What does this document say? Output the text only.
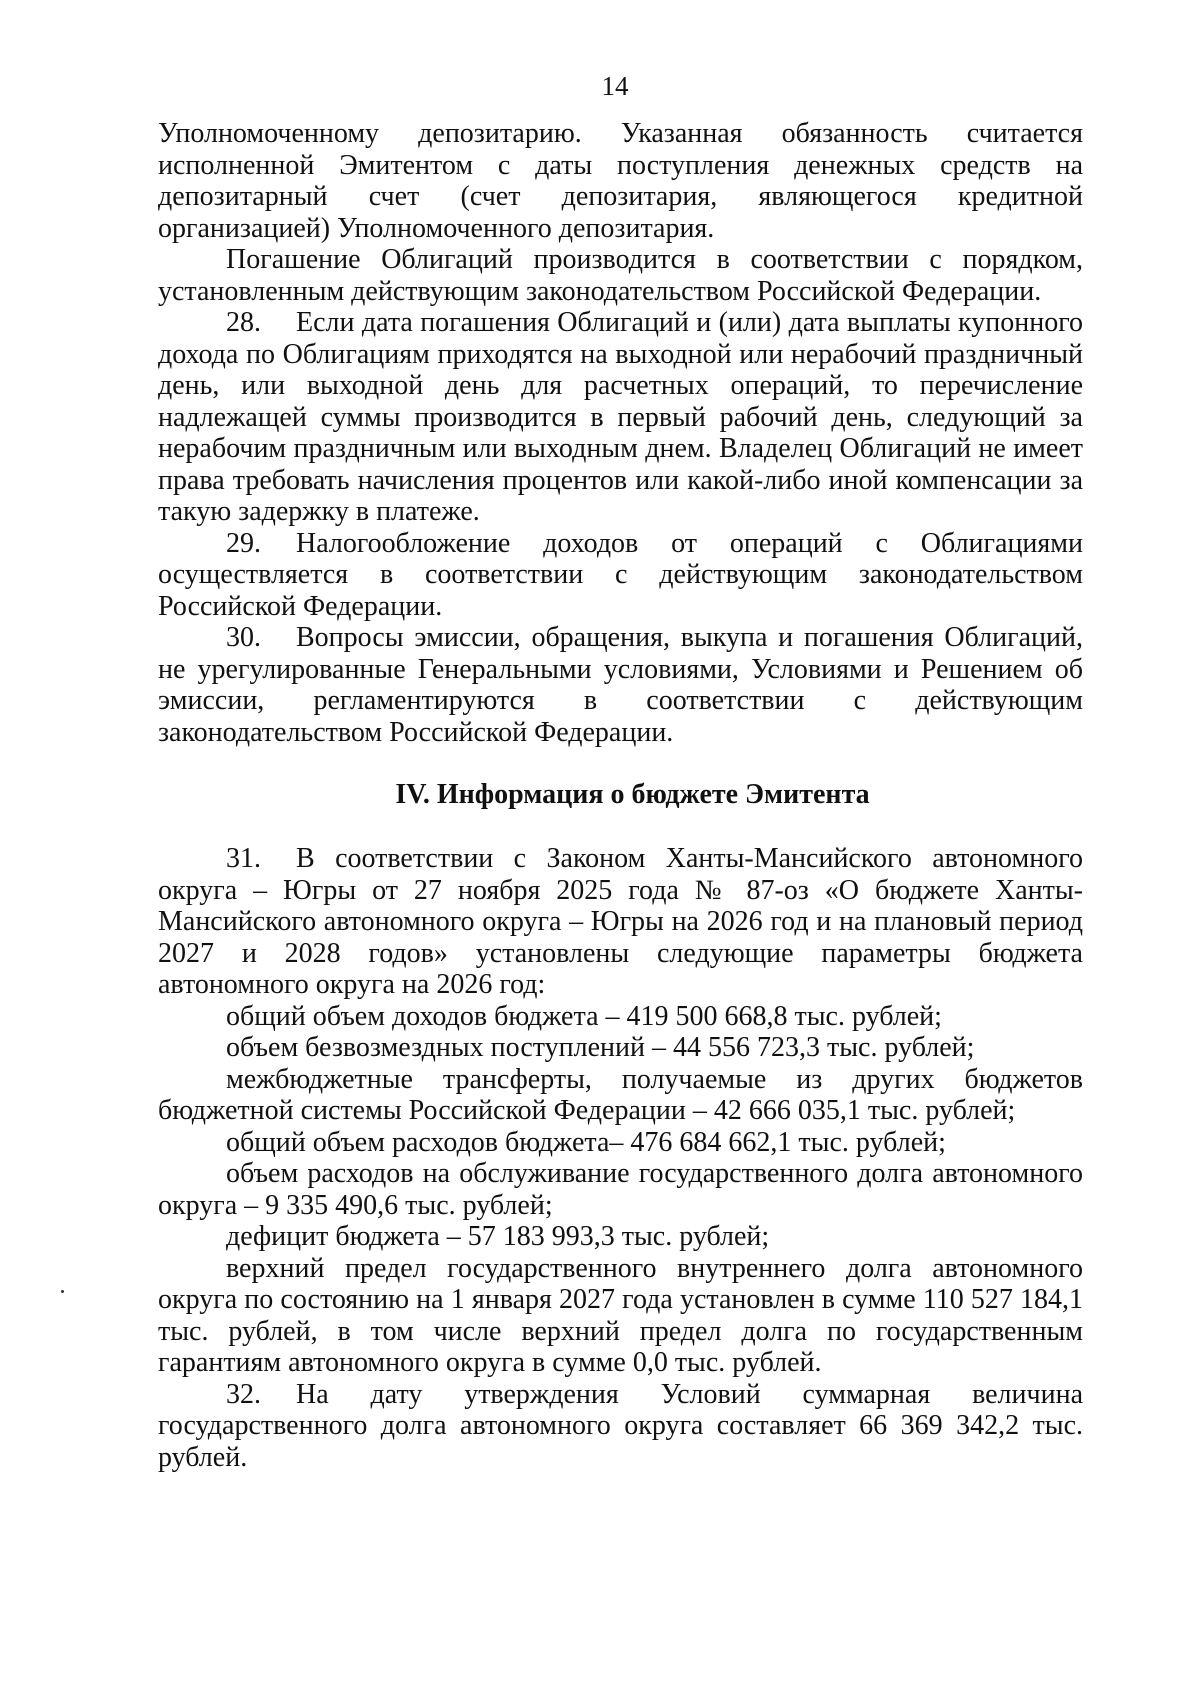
14

Уполномоченному депозитарию. Указанная обязанность считается исполненной Эмитентом с даты поступления денежных средств на депозитарный счет (счет депозитария, являющегося кредитной организацией) Уполномоченного депозитария.

Погашение Облигаций производится в соответствии с порядком, установленным действующим законодательством Российской Федерации.

28. Если дата погашения Облигаций и (или) дата выплаты купонного дохода по Облигациям приходятся на выходной или нерабочий праздничный день, или выходной день для расчетных операций, то перечисление надлежащей суммы производится в первый рабочий день, следующий за нерабочим праздничным или выходным днем. Владелец Облигаций не имеет права требовать начисления процентов или какой-либо иной компенсации за такую задержку в платеже.

29. Налогообложение доходов от операций с Облигациями осуществляется в соответствии с действующим законодательством Российской Федерации.

30. Вопросы эмиссии, обращения, выкупа и погашения Облигаций, не урегулированные Генеральными условиями, Условиями и Решением об эмиссии, регламентируются в соответствии с действующим законодательством Российской Федерации.

IV. Информация о бюджете Эмитента

31. В соответствии с Законом Ханты-Мансийского автономного округа – Югры от 27 ноября 2025 года № 87-оз «О бюджете Ханты-Мансийского автономного округа – Югры на 2026 год и на плановый период 2027 и 2028 годов» установлены следующие параметры бюджета автономного округа на 2026 год:

общий объем доходов бюджета – 419 500 668,8 тыс. рублей;

объем безвозмездных поступлений – 44 556 723,3 тыс. рублей;

межбюджетные трансферты, получаемые из других бюджетов бюджетной системы Российской Федерации – 42 666 035,1 тыс. рублей;

общий объем расходов бюджета– 476 684 662,1 тыс. рублей;

объем расходов на обслуживание государственного долга автономного округа – 9 335 490,6 тыс. рублей;

дефицит бюджета – 57 183 993,3 тыс. рублей;

верхний предел государственного внутреннего долга автономного округа по состоянию на 1 января 2027 года установлен в сумме 110 527 184,1 тыс. рублей, в том числе верхний предел долга по государственным гарантиям автономного округа в сумме 0,0 тыс. рублей.

32. На дату утверждения Условий суммарная величина государственного долга автономного округа составляет 66 369 342,2 тыс. рублей.
